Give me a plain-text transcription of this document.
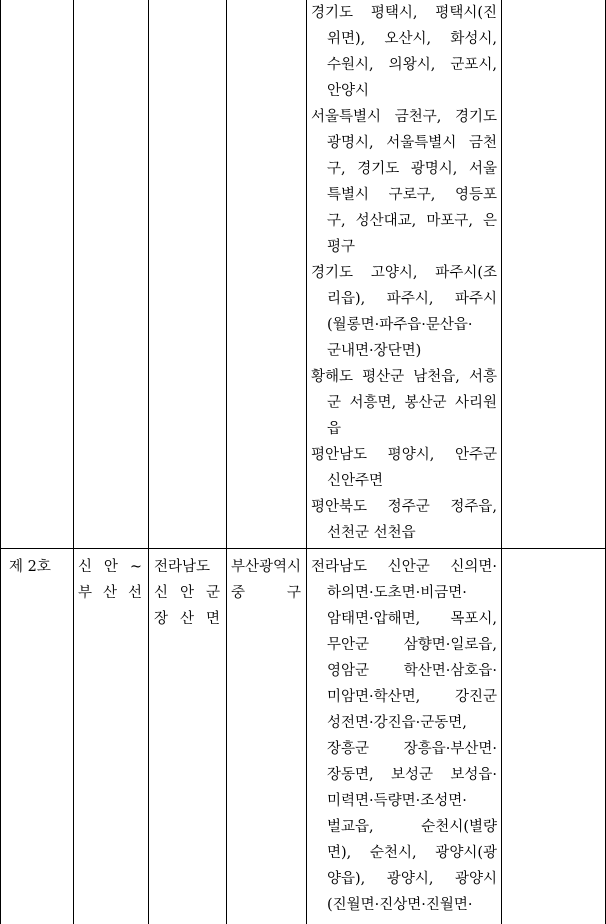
경기도 평택시, 평택시(진
위면), 오산시, 화성시,
수원시, 의왕시, 군포시,
안양시
서울특별시 금천구, 경기도
광명시, 서울특별시 금천
구, 경기도 광명시, 서울
특별시 구로구, 영등포
구, 성산대교, 마포구, 은
평구
경기도 고양시, 파주시(조
리읍), 파주시, 파주시
(월롱면·파주읍·문산읍·
군내면·장단면)
황해도 평산군 남천읍, 서흥
군 서흥면, 봉산군 사리원
읍
평안남도 평양시, 안주군
신안주면
평안북도 정주군 정주읍,
선천군 선천읍
제 2호	신 안 ~
부 산 선
전라남도
신 안 군
장 산 면
부산광역시
중 구
전라남도 신안군 신의면·
하의면·도초면·비금면·
암태면·압해면, 목포시,
무안군 삼향면·일로읍,
영암군 학산면·삼호읍·
미암면·학산면, 강진군
성전면·강진읍·군동면,
장흥군 장흥읍·부산면·
장동면, 보성군 보성읍·
미력면·득량면·조성면·
벌교읍, 순천시(별량
면), 순천시, 광양시(광
양읍), 광양시, 광양시
(진월면·진상면·진월면·
